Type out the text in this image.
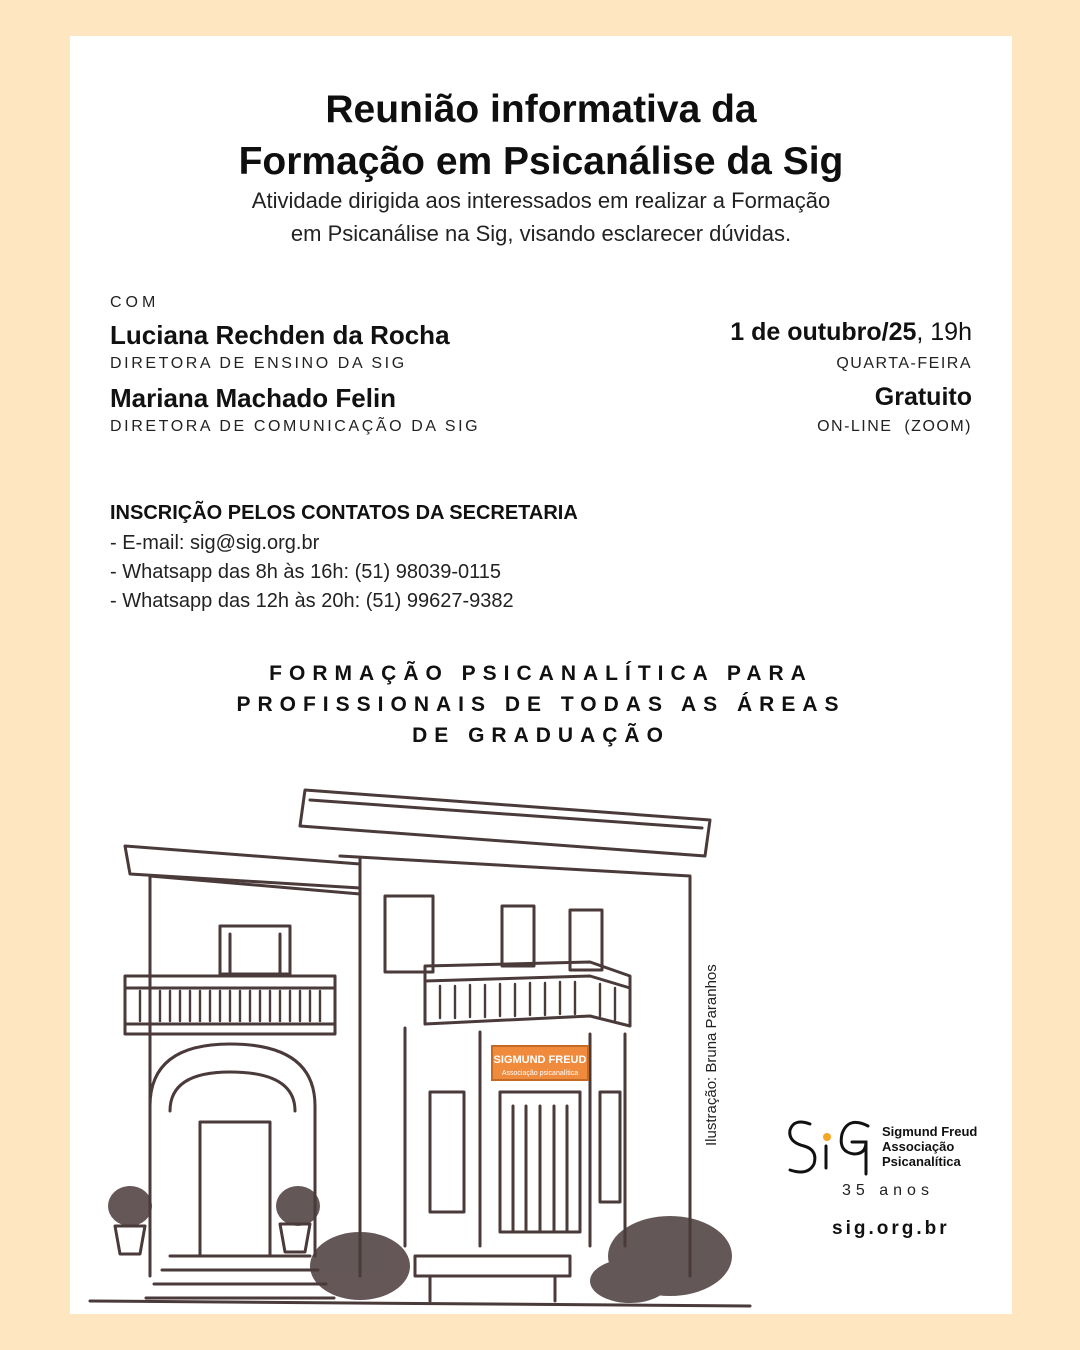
Reunião informativa da
Formação em Psicanálise da Sig
Atividade dirigida aos interessados em realizar a Formação
em Psicanálise na Sig, visando esclarecer dúvidas.
COM
Luciana Rechden da Rocha
DIRETORA DE ENSINO DA SIG
Mariana Machado Felin
DIRETORA DE COMUNICAÇÃO DA SIG
1 de outubro/25, 19h
QUARTA-FEIRA
Gratuito
ON-LINE  (ZOOM)
INSCRIÇÃO PELOS CONTATOS DA SECRETARIA
- E-mail: sig@sig.org.br
- Whatsapp das 8h às 16h: (51) 98039-0115
- Whatsapp das 12h às 20h: (51) 99627-9382
FORMAÇÃO PSICANALÍTICA PARA
PROFISSIONAIS DE TODAS AS ÁREAS
DE GRADUAÇÃO
SIGMUND FREUD
Associação psicanalítica	Ilustração: Bruna Paranhos	Sigmund Freud
Associação
Psicanalítica
35 anos
sig.org.br
